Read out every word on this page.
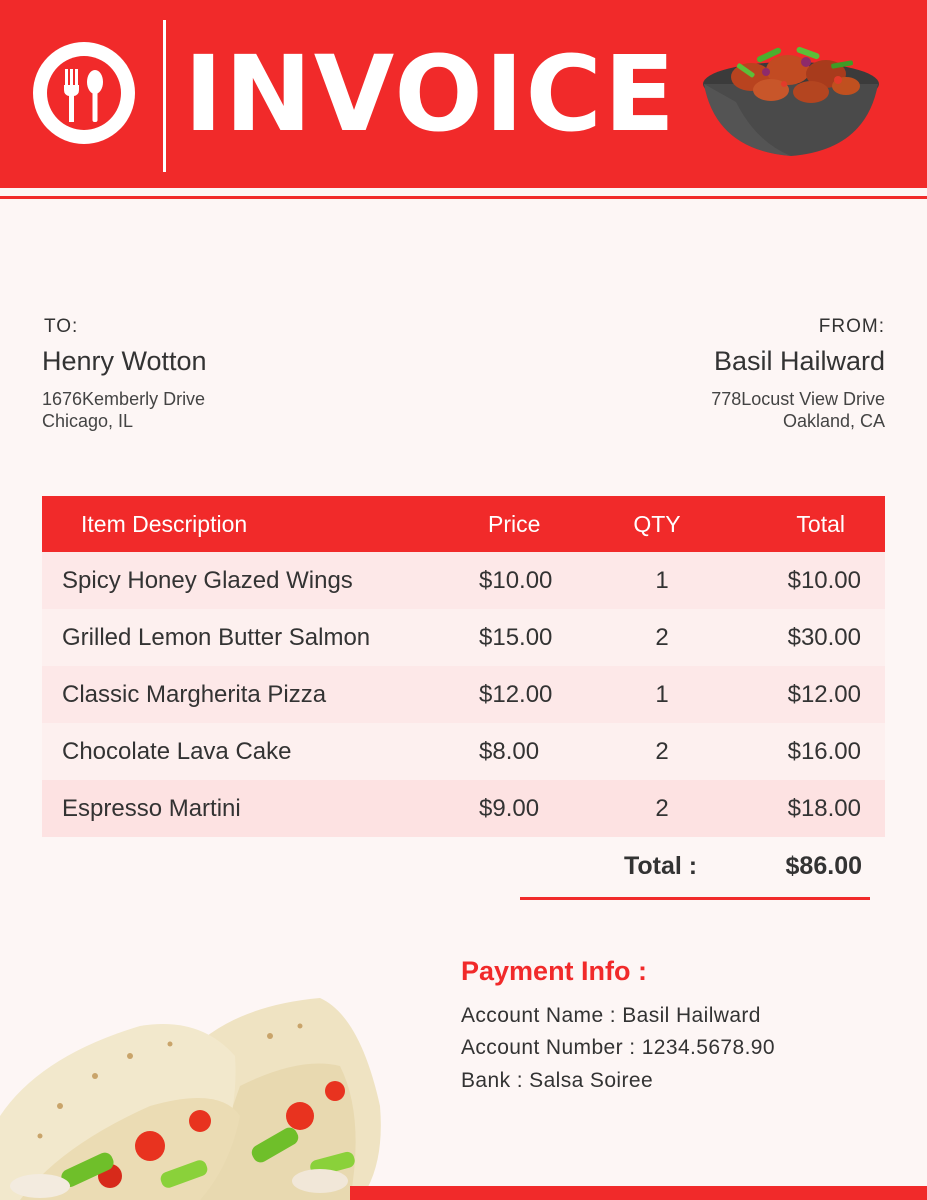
INVOICE
TO:
Henry Wotton
1676Kemberly Drive
Chicago, IL
FROM:
Basil Hailward
778Locust View Drive
Oakland, CA
Item Description	Price	QTY	Total
Spicy Honey Glazed Wings	$10.00	1	$10.00
Grilled Lemon Butter Salmon	$15.00	2	$30.00
Classic Margherita Pizza	$12.00	1	$12.00
Chocolate Lava Cake	$8.00	2	$16.00
Espresso Martini	$9.00	2	$18.00
Total :	$86.00
Payment Info :
Account Name : Basil Hailward
Account Number : 1234.5678.90
Bank : Salsa Soiree
